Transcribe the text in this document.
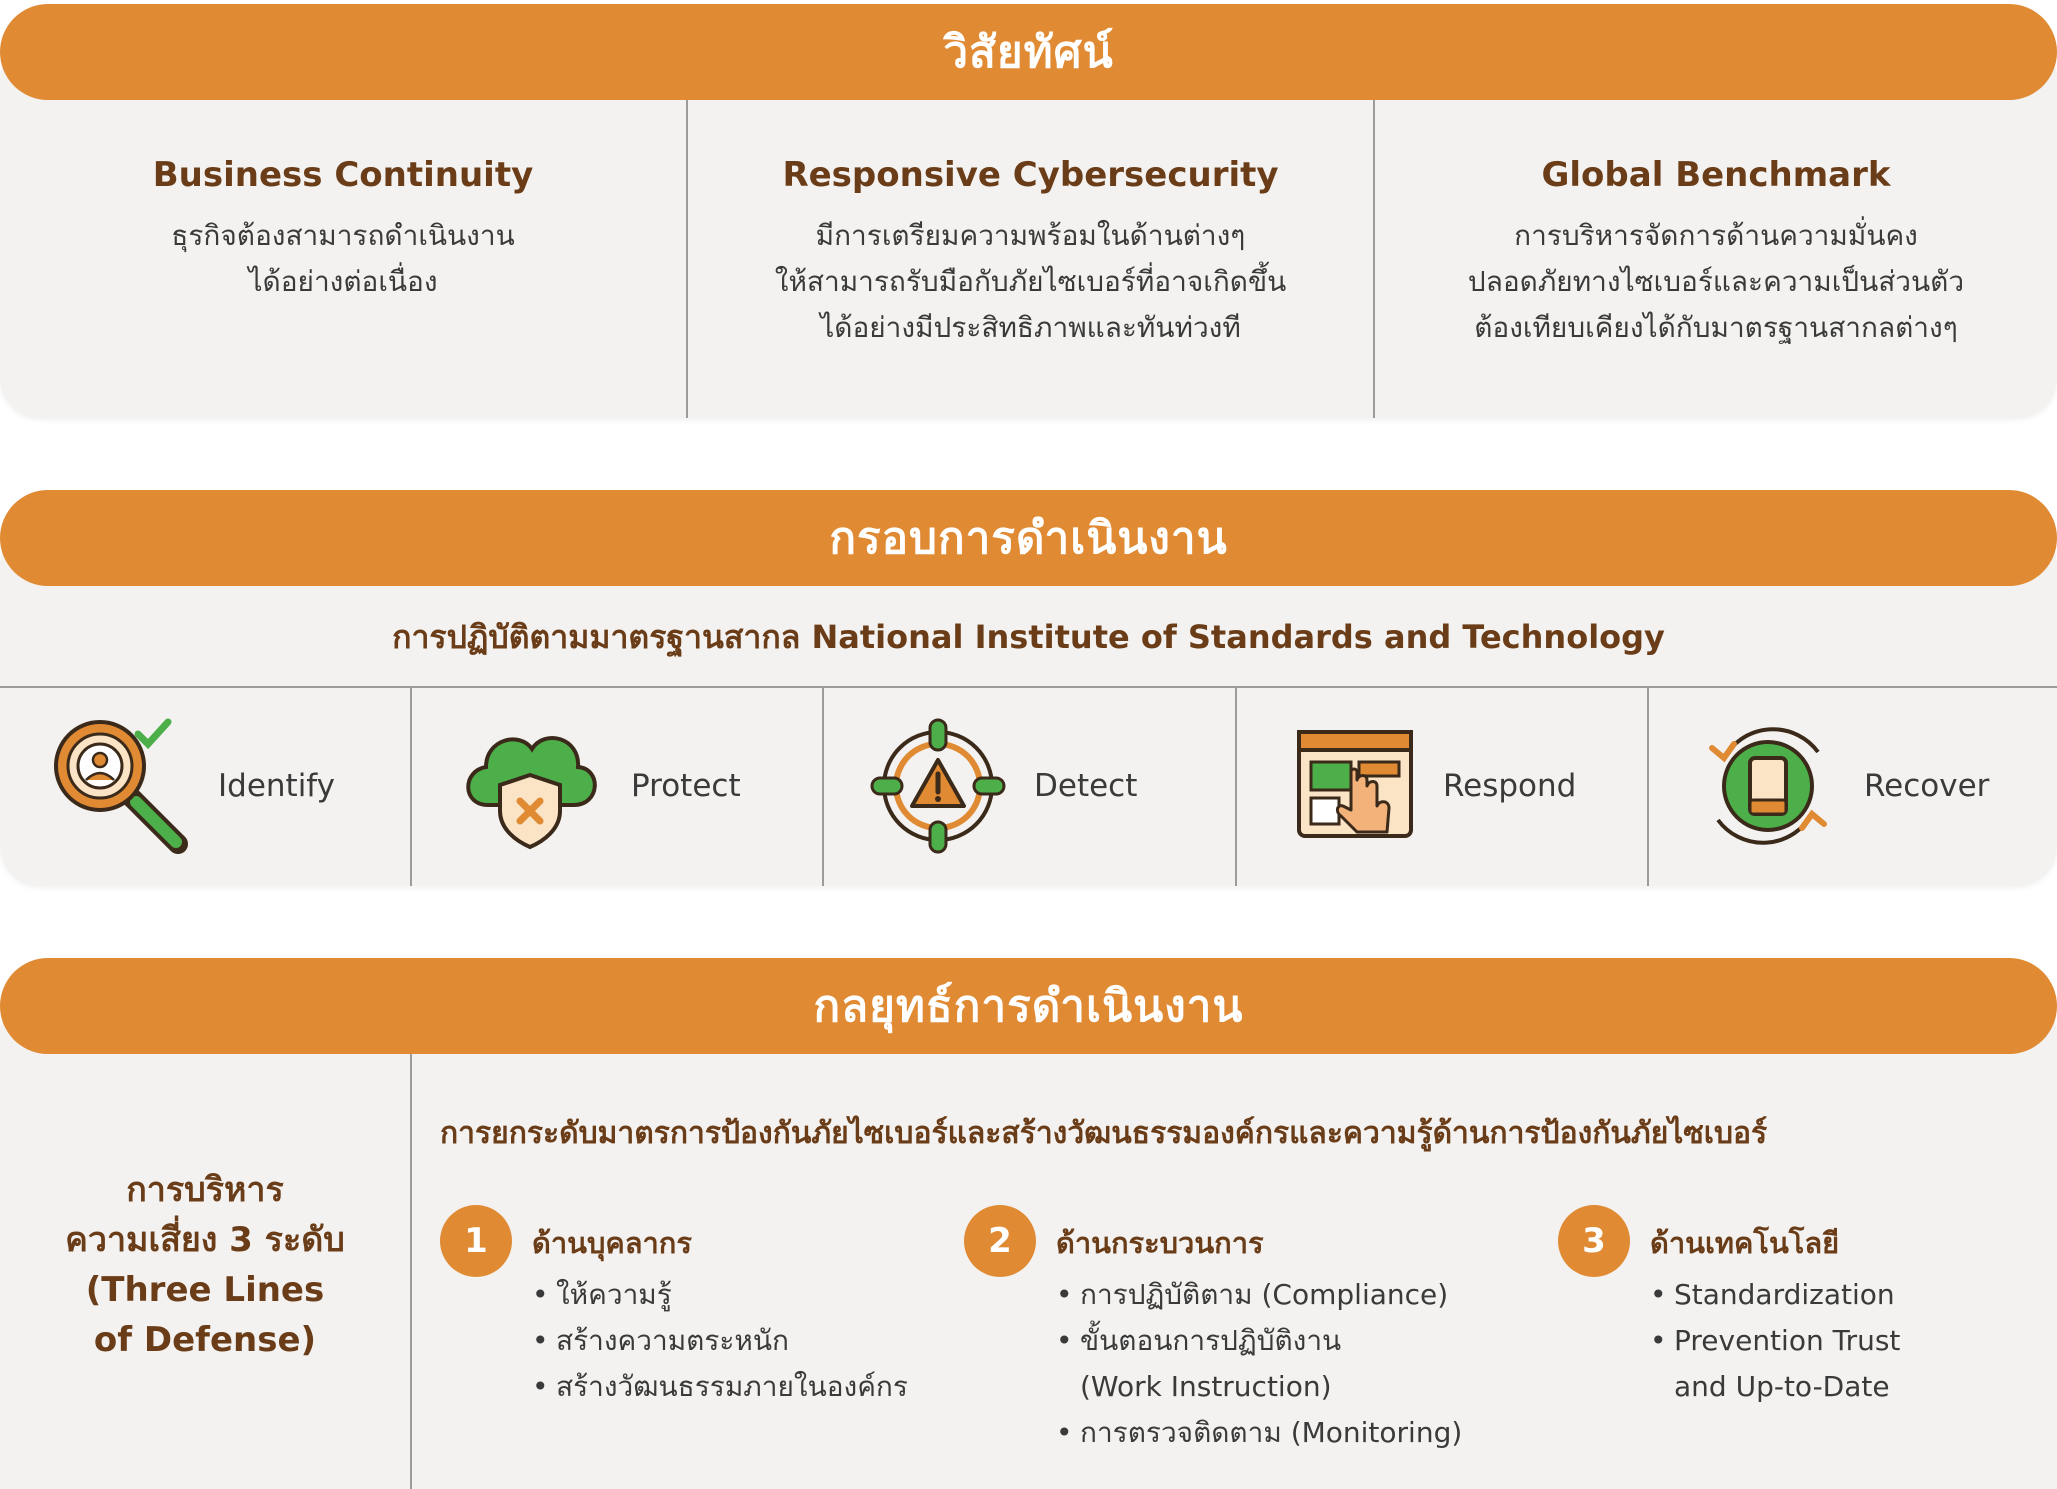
วิสัยทัศน์
Business Continuity
ธุรกิจต้องสามารถดำเนินงาน
ได้อย่างต่อเนื่อง
Responsive Cybersecurity
มีการเตรียมความพร้อมในด้านต่างๆ
ให้สามารถรับมือกับภัยไซเบอร์ที่อาจเกิดขึ้น
ได้อย่างมีประสิทธิภาพและทันท่วงที
Global Benchmark
การบริหารจัดการด้านความมั่นคง
ปลอดภัยทางไซเบอร์และความเป็นส่วนตัว
ต้องเทียบเคียงได้กับมาตรฐานสากลต่างๆ
กรอบการดำเนินงาน
การปฏิบัติตามมาตรฐานสากล National Institute of Standards and Technology
Identify	Protect	Detect	Respond	Recover
กลยุทธ์การดำเนินงาน
การบริหาร
ความเสี่ยง 3 ระดับ
(Three Lines
of Defense)
การยกระดับมาตรการป้องกันภัยไซเบอร์และสร้างวัฒนธรรมองค์กรและความรู้ด้านการป้องกันภัยไซเบอร์
1 ด้านบุคลากร
• ให้ความรู้
• สร้างความตระหนัก
• สร้างวัฒนธรรมภายในองค์กร
2 ด้านกระบวนการ
• การปฏิบัติตาม (Compliance)
• ขั้นตอนการปฏิบัติงาน
(Work Instruction)
• การตรวจติดตาม (Monitoring)
3 ด้านเทคโนโลยี
• Standardization
• Prevention Trust
and Up-to-Date
